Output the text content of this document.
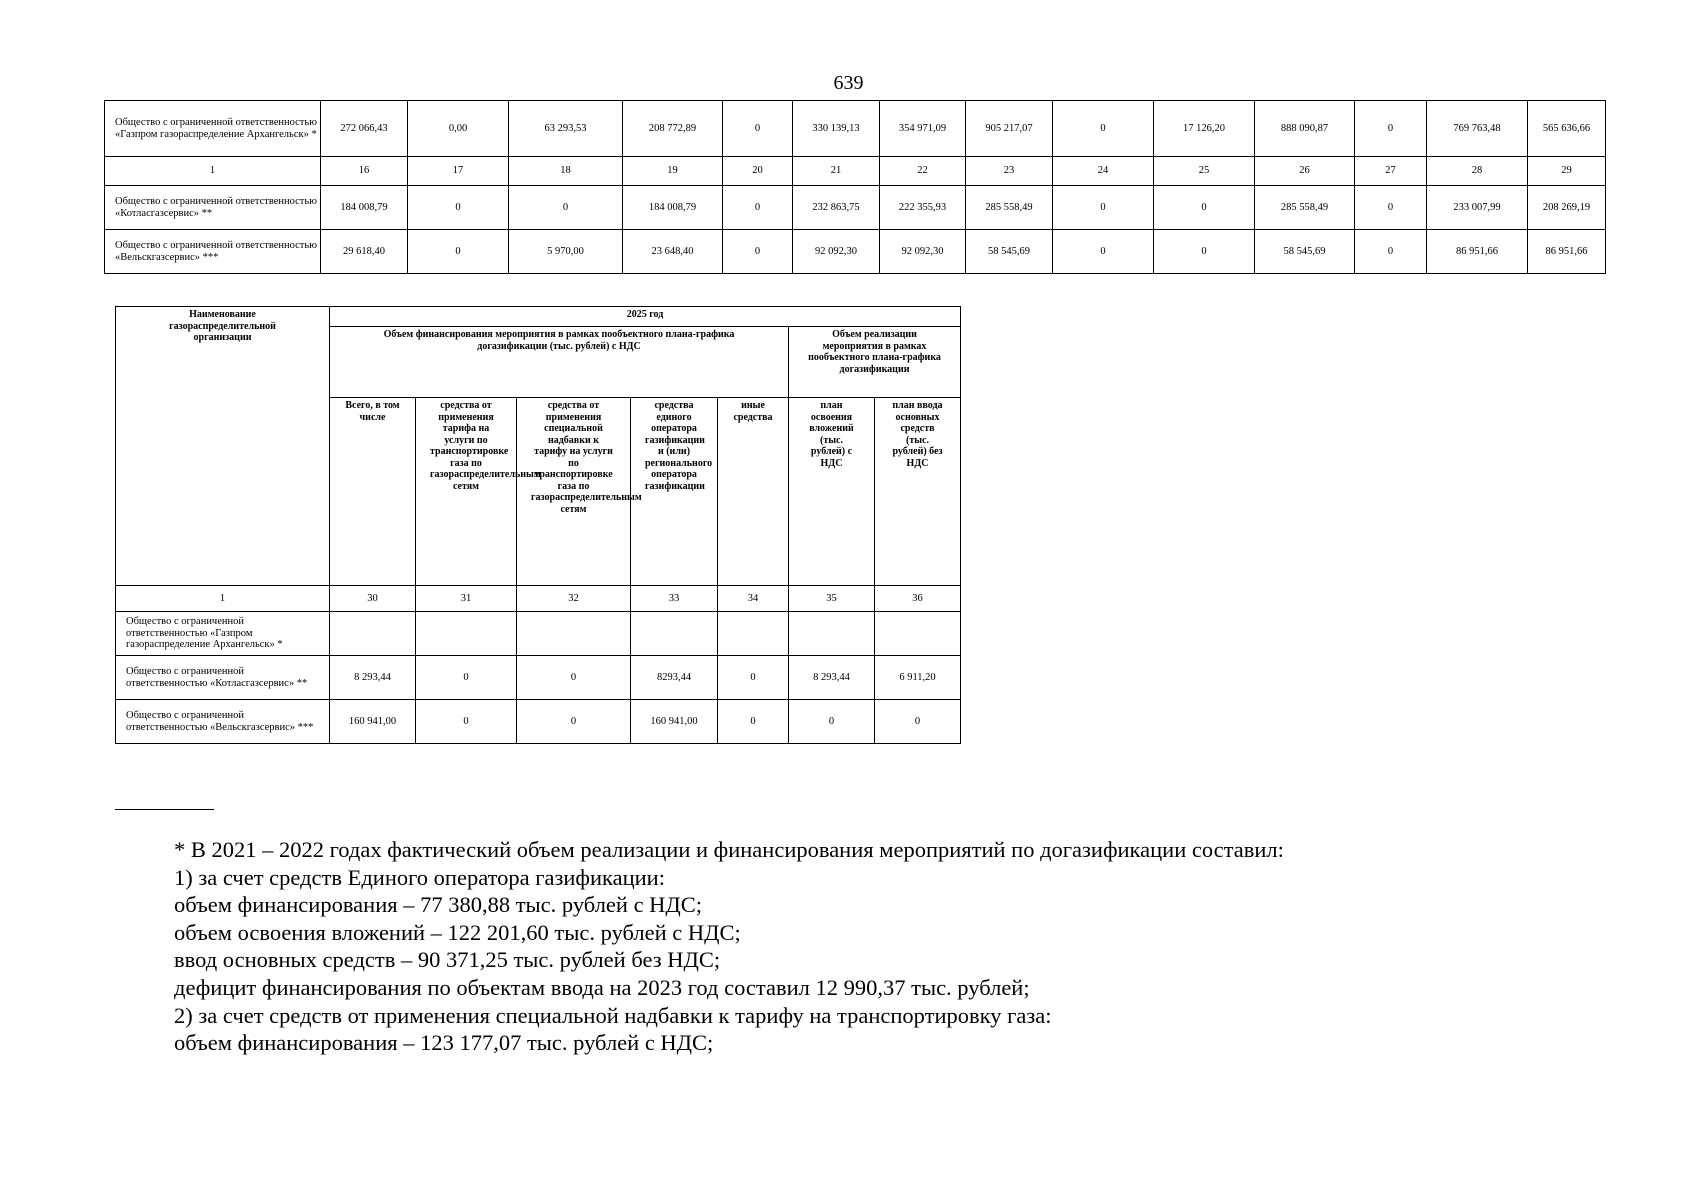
639
Общество с ограниченной ответственностью «Газпром газораспределение Архангельск» *	272 066,43	0,00	63 293,53	208 772,89	0	330 139,13	354 971,09	905 217,07	0	17 126,20	888 090,87	0	769 763,48	565 636,66
1	16	17	18	19	20	21	22	23	24	25	26	27	28	29
Общество с ограниченной ответственностью «Котласгазсервис» **	184 008,79	0	0	184 008,79	0	232 863,75	222 355,93	285 558,49	0	0	285 558,49	0	233 007,99	208 269,19
Общество с ограниченной ответственностью «Вельскгазсервис» ***	29 618,40	0	5 970,00	23 648,40	0	92 092,30	92 092,30	58 545,69	0	0	58 545,69	0	86 951,66	86 951,66
Наименование газораспределительной организации	2025 год						
	Объем финансирования мероприятия в рамках пообъектного плана-графика догазификации (тыс. рублей) с НДС					Объем реализации мероприятия в рамках пообъектного плана-графика догазификации	
	Всего, в том числе	средства от применения тарифа на услуги по транспортировке газа по газораспределительным сетям	средства от применения специальной надбавки к тарифу на услуги по транспортировке газа по газораспределительным сетям	средства единого оператора газификации и (или) регионального оператора газификации	иные средства	план освоения вложений (тыс. рублей) с НДС	план ввода основных средств (тыс. рублей) без НДС
1	30	31	32	33	34	35	36
Общество с ограниченной ответственностью «Газпром газораспределение Архангельск» *							
Общество с ограниченной ответственностью «Котласгазсервис» **	8 293,44	0	0	8293,44	0	8 293,44	6 911,20
Общество с ограниченной ответственностью «Вельскгазсервис» ***	160 941,00	0	0	160 941,00	0	0	0

* В 2021 – 2022 годах фактический объем реализации и финансирования мероприятий по догазификации составил:

1) за счет средств Единого оператора газификации:

объем финансирования – 77 380,88 тыс. рублей с НДС;

объем освоения вложений – 122 201,60 тыс. рублей с НДС;

ввод основных средств – 90 371,25 тыс. рублей без НДС;

дефицит финансирования по объектам ввода на 2023 год составил 12 990,37 тыс. рублей;

2) за счет средств от применения специальной надбавки к тарифу на транспортировку газа:

объем финансирования – 123 177,07 тыс. рублей с НДС;
